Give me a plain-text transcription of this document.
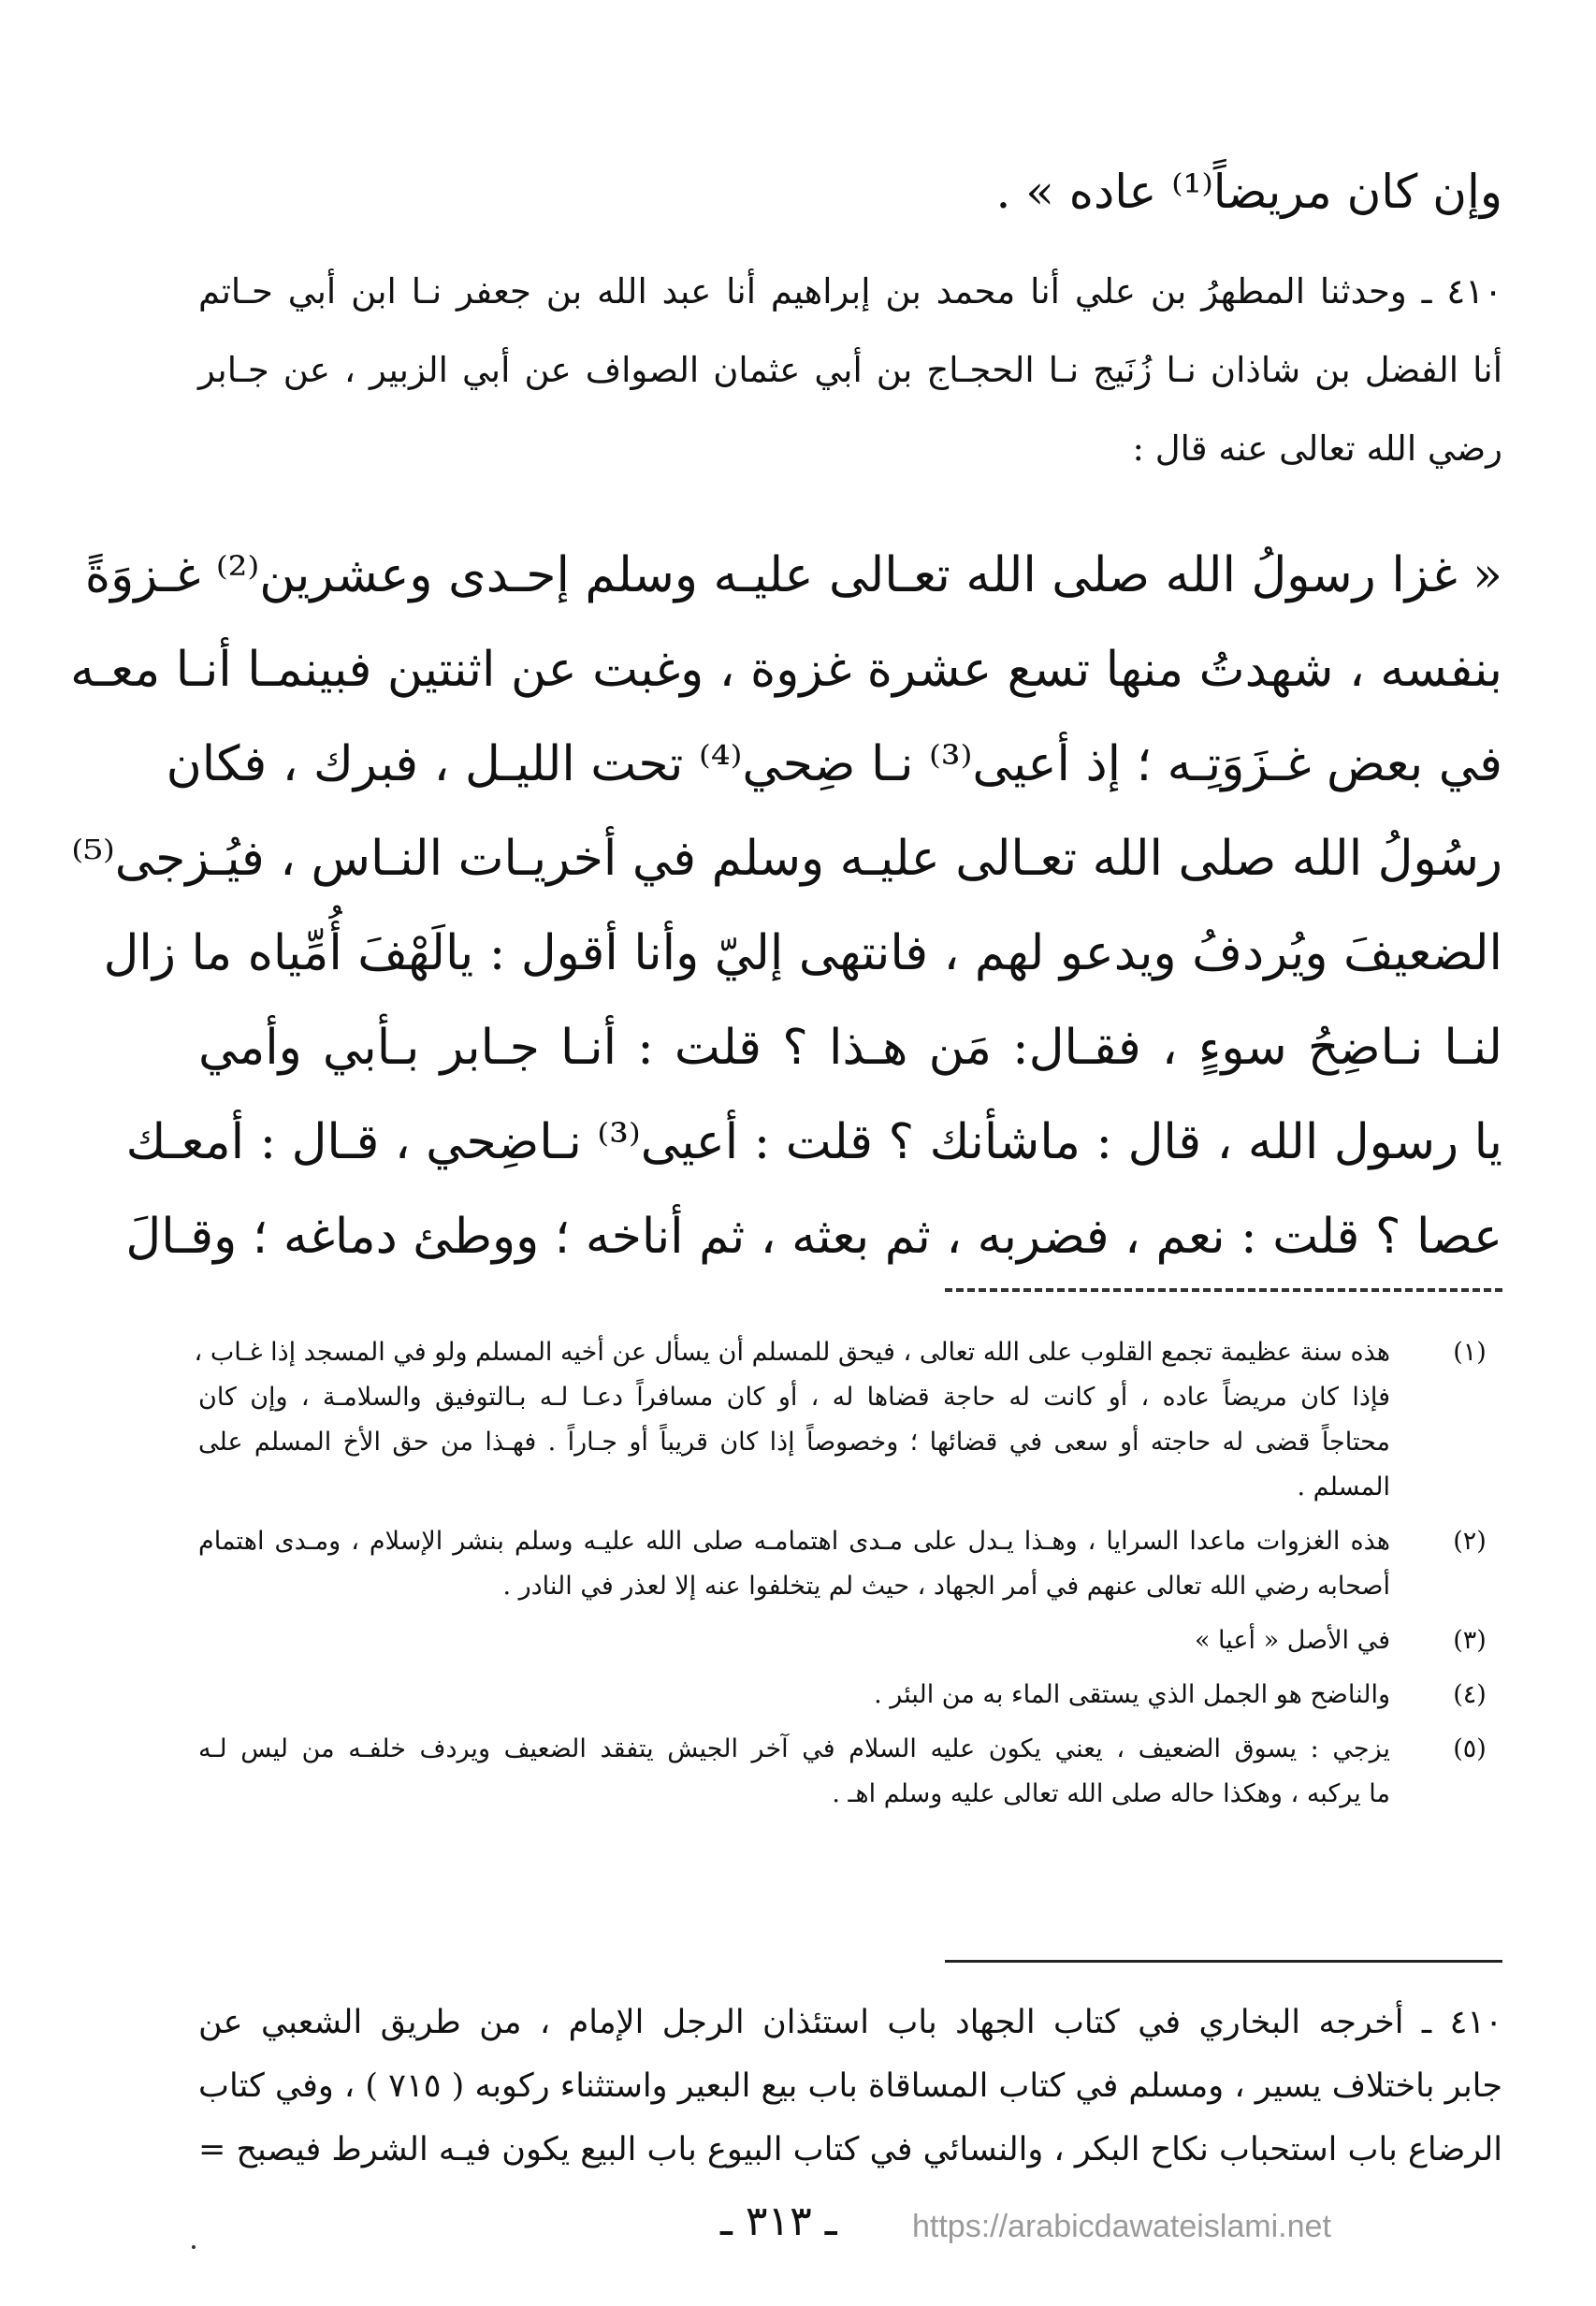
وإن كان مريضاً⁽¹⁾ عاده » .
٤١٠ ـ وحدثنا المطهرُ بن علي أنا محمد بن إبراهيم أنا عبد الله بن جعفر نـا ابن أبي حـاتم
أنا الفضل بن شاذان نـا زُنَيج نـا الحجـاج بن أبي عثمان الصواف عن أبي الزبير ، عن جـابر
رضي الله تعالى عنه قال :
« غزا رسولُ الله صلى الله تعـالى عليـه وسلم إحـدى وعشرين⁽²⁾ غـزوَةً
بنفسه ، شهدتُ منها تسع عشرة غزوة ، وغبت عن اثنتين فبينمـا أنـا معـه
في بعض غـزَوَتِـه ؛ إذ أعيى⁽³⁾ نـا ضِحي⁽⁴⁾ تحت الليـل ، فبرك ، فكان
رسُولُ الله صلى الله تعـالى عليـه وسلم في أخريـات النـاس ، فيُـزجى⁽⁵⁾
الضعيفَ ويُردفُ ويدعو لهم ، فانتهى إليّ وأنا أقول : يالَهْفَ أُمِّياه ما زال
لنـا نـاضِحُ سوءٍ ، فقـال: مَن هـذا ؟ قلت : أنـا جـابر بـأبي وأمي
يا رسول الله ، قال : ماشأنك ؟ قلت : أعيى⁽³⁾ نـاضِحي ، قـال : أمعـك
عصا ؟ قلت : نعم ، فضربه ، ثم بعثه ، ثم أناخه ؛ ووطئ دماغه ؛ وقـالَ
(١)
هذه سنة عظيمة تجمع القلوب على الله تعالى ، فيحق للمسلم أن يسأل عن أخيه المسلم ولو في المسجد إذا غـاب ،
فإذا كان مريضاً عاده ، أو كانت له حاجة قضاها له ، أو كان مسافراً دعـا لـه بـالتوفيق والسلامـة ، وإن كان
محتاجاً قضى له حاجته أو سعى في قضائها ؛ وخصوصاً إذا كان قريباً أو جـاراً . فهـذا من حق الأخ المسلم على
المسلم .
(٢)
هذه الغزوات ماعدا السرايا ، وهـذا يـدل على مـدى اهتمامـه صلى الله عليـه وسلم بنشر الإسلام ، ومـدى اهتمام
أصحابه رضي الله تعالى عنهم في أمر الجهاد ، حيث لم يتخلفوا عنه إلا لعذر في النادر .
(٣)
في الأصل « أعيا »
(٤)
والناضح هو الجمل الذي يستقى الماء به من البئر .
(٥)
يزجي : يسوق الضعيف ، يعني يكون عليه السلام في آخر الجيش يتفقد الضعيف ويردف خلفـه من ليس لـه
ما يركبه ، وهكذا حاله صلى الله تعالى عليه وسلم اهـ .
٤١٠ ـ أخرجه البخاري في كتاب الجهاد باب استئذان الرجل الإمام ، من طريق الشعبي عن
جابر باختلاف يسير ، ومسلم في كتاب المساقاة باب بيع البعير واستثناء ركوبه ( ٧١٥ ) ، وفي كتاب
الرضاع باب استحباب نكاح البكر ، والنسائي في كتاب البيوع باب البيع يكون فيـه الشرط فيصبح =
ـ ٣١٣ ـ https://arabicdawateislami.net
